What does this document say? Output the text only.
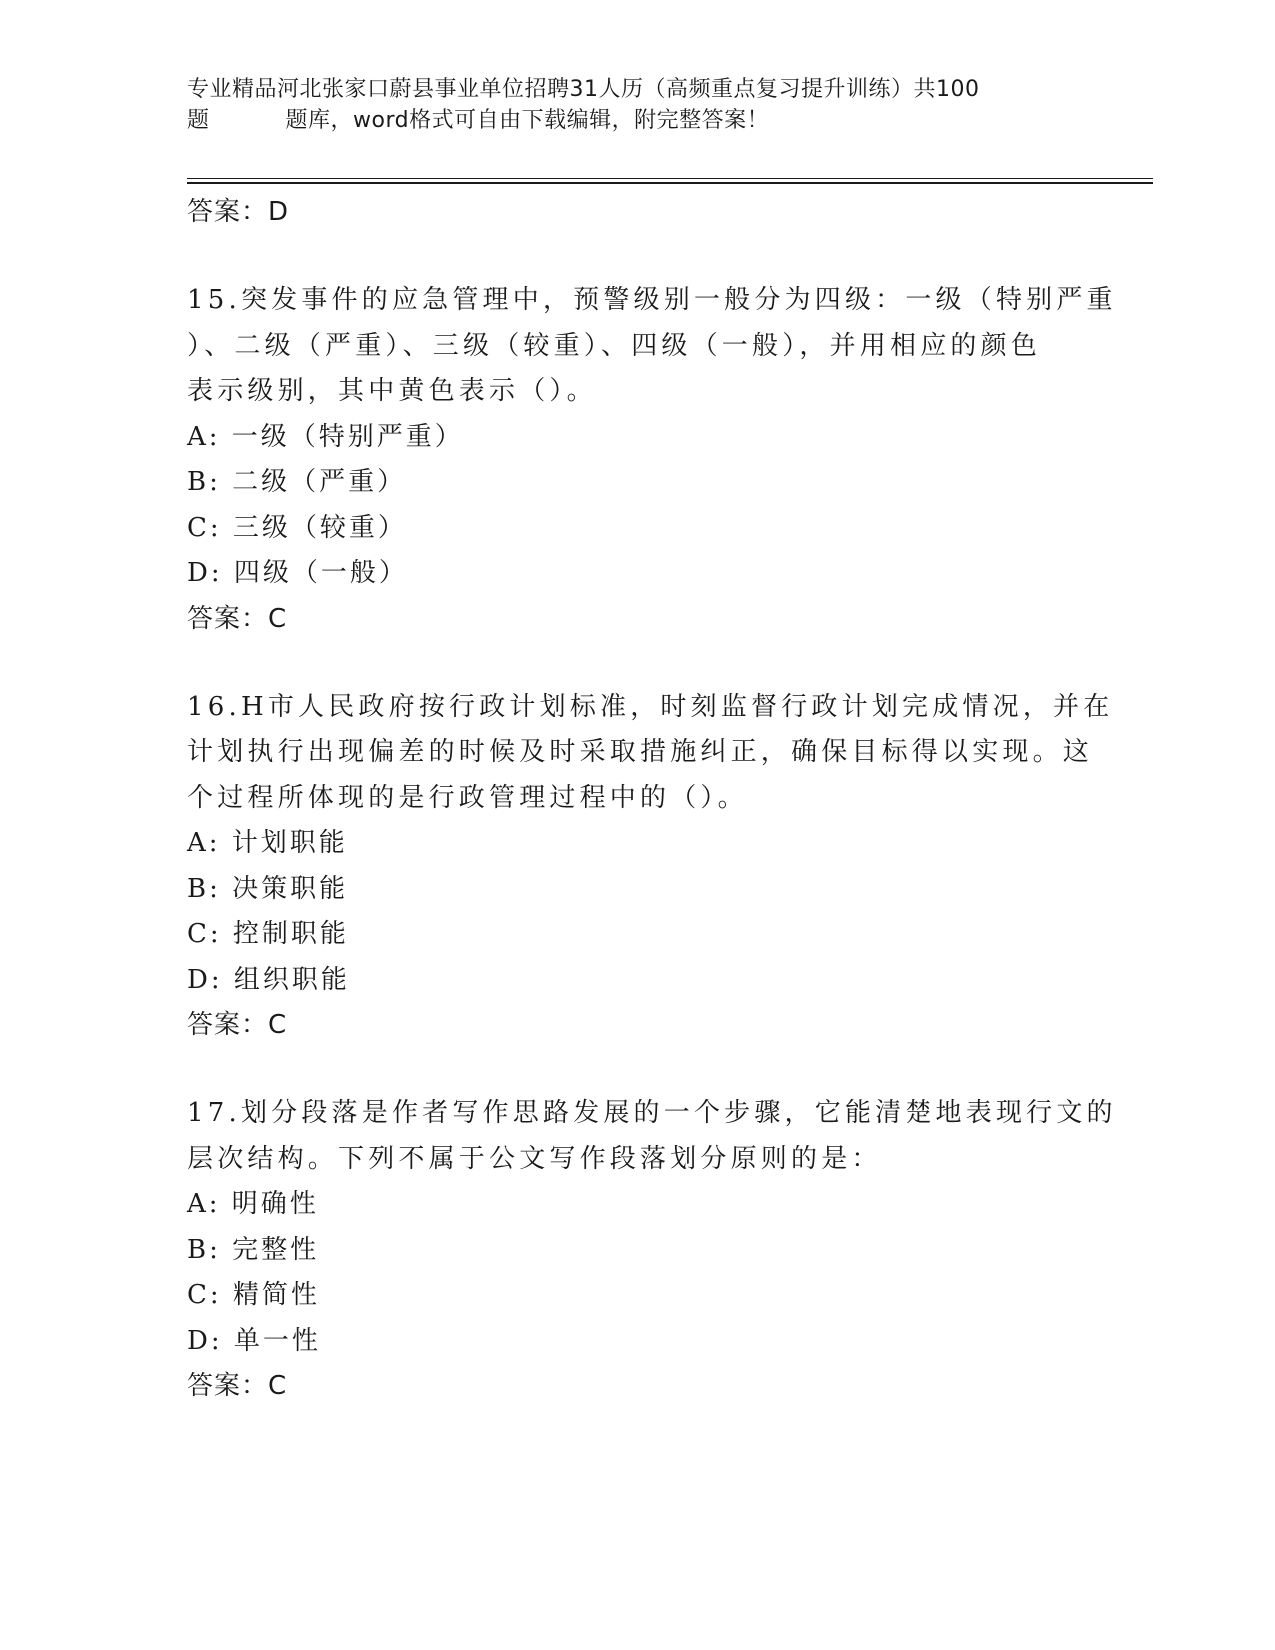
专业精品河北张家口蔚县事业单位招聘31人历（高频重点复习提升训练）共100
题	题库，word格式可自由下载编辑，附完整答案！
答案：D
15.突发事件的应急管理中，预警级别一般分为四级：一级（特别严重
）、二级（严重）、三级（较重）、四级（一般），并用相应的颜色
表示级别，其中黄色表示（）。
A: 一级（特别严重）
B: 二级（严重）
C: 三级（较重）
D: 四级（一般）
答案：C
16.H市人民政府按行政计划标准，时刻监督行政计划完成情况，并在
计划执行出现偏差的时候及时采取措施纠正，确保目标得以实现。这
个过程所体现的是行政管理过程中的（）。
A: 计划职能
B: 决策职能
C: 控制职能
D: 组织职能
答案：C
17.划分段落是作者写作思路发展的一个步骤，它能清楚地表现行文的
层次结构。下列不属于公文写作段落划分原则的是：
A: 明确性
B: 完整性
C: 精简性
D: 单一性
答案：C
